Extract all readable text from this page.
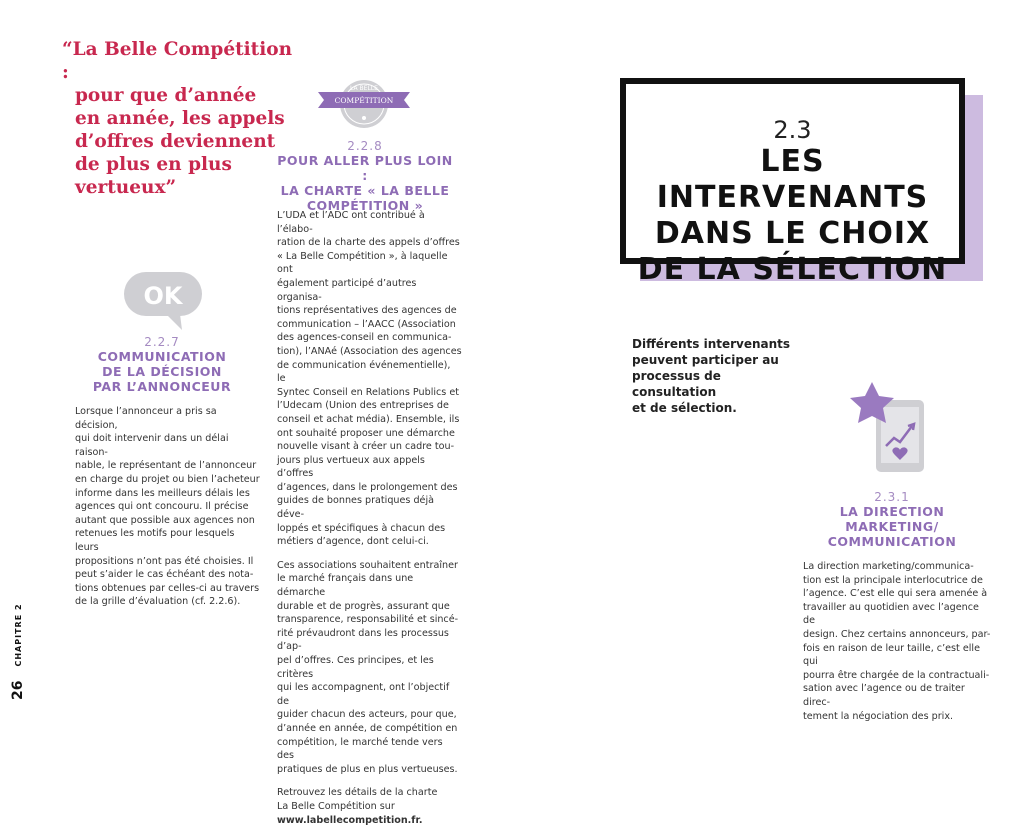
“La Belle Compétition :
pour que d’année
en année, les appels
d’offres deviennent
de plus en plus
vertueux”
LA BELLE
COMPÉTITION
2.2.8
POUR ALLER PLUS LOIN :
LA CHARTE « LA BELLE
COMPÉTITION »

L’UDA et l’ADC ont contribué à l’élabo-

ration de la charte des appels d’offres

« La Belle Compétition », à laquelle ont

également participé d’autres organisa-

tions représentatives des agences de

communication – l’AACC (Association

des agences-conseil en communica-

tion), l’ANAé (Association des agences

de communication événementielle), le

Syntec Conseil en Relations Publics et

l’Udecam (Union des entreprises de

conseil et achat média). Ensemble, ils

ont souhaité proposer une démarche

nouvelle visant à créer un cadre tou-

jours plus vertueux aux appels d’offres

d’agences, dans le prolongement des

guides de bonnes pratiques déjà déve-

loppés et spécifiques à chacun des

métiers d’agence, dont celui-ci.

Ces associations souhaitent entraîner

le marché français dans une démarche

durable et de progrès, assurant que

transparence, responsabilité et sincé-

rité prévaudront dans les processus d’ap-

pel d’offres. Ces principes, et les critères

qui les accompagnent, ont l’objectif de

guider chacun des acteurs, pour que,

d’année en année, de compétition en

compétition, le marché tende vers des

pratiques de plus en plus vertueuses.

Retrouvez les détails de la charte

La Belle Compétition sur

www.labellecompetition.fr.

OK
2.2.7
COMMUNICATION
DE LA DÉCISION
PAR L’ANNONCEUR

Lorsque l’annonceur a pris sa décision,

qui doit intervenir dans un délai raison-

nable, le représentant de l’annonceur

en charge du projet ou bien l’acheteur

informe dans les meilleurs délais les

agences qui ont concouru. Il précise

autant que possible aux agences non

retenues les motifs pour lesquels leurs

propositions n’ont pas été choisies. Il

peut s’aider le cas échéant des nota-

tions obtenues par celles-ci au travers

de la grille d’évaluation (cf. 2.2.6).

26
CHAPITRE 2
2.3
LES INTERVENANTS
DANS LE CHOIX
DE LA SÉLECTION
Différents intervenants
peuvent participer au
processus de consultation
et de sélection.
2.3.1
LA DIRECTION
MARKETING/
COMMUNICATION

La direction marketing/communica-

tion est la principale interlocutrice de

l’agence. C’est elle qui sera amenée à

travailler au quotidien avec l’agence de

design. Chez certains annonceurs, par-

fois en raison de leur taille, c’est elle qui

pourra être chargée de la contractuali-

sation avec l’agence ou de traiter direc-

tement la négociation des prix.
